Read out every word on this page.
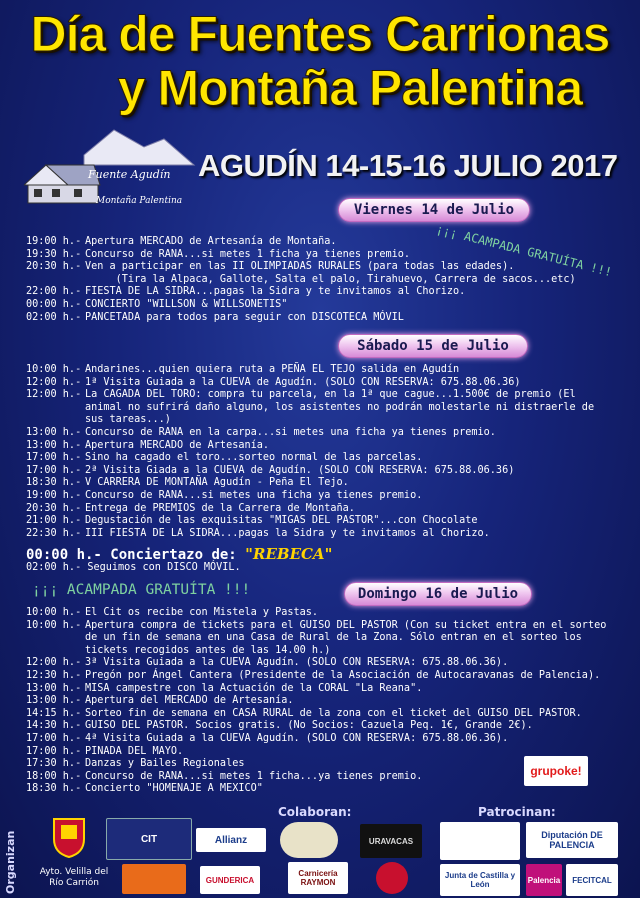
Día de Fuentes Carrionas
y Montaña Palentina
Fuente Agudín
Montaña Palentina
AGUDÍN 14-15-16 JULIO 2017
Viernes 14 de Julio
¡¡¡ ACAMPADA GRATUÍTA !!!
19:00 h.- Apertura MERCADO de Artesanía de Montaña.
19:30 h.- Concurso de RANA...si metes 1 ficha ya tienes premio.
20:30 h.- Ven a participar en las II OLIMPIADAS RURALES (para todas las edades).
(Tira la Alpaca, Gallote, Salta el palo, Tirahuevo, Carrera de sacos...etc)
22:00 h.- FIESTA DE LA SIDRA...pagas la Sidra y te invitamos al Chorizo.
00:00 h.- CONCIERTO "WILLSON & WILLSONETIS"
02:00 h.- PANCETADA para todos para seguir con DISCOTECA MÓVIL
Sábado 15 de Julio
10:00 h.- Andarines...quien quiera ruta a PEÑA EL TEJO salida en Agudín
12:00 h.- 1ª Visita Guiada a la CUEVA de Agudín. (SOLO CON RESERVA: 675.88.06.36)
12:00 h.- La CAGADA DEL TORO: compra tu parcela, en la 1ª que cague...1.500€ de premio (El animal no sufrirá daño alguno, los asistentes no podrán molestarle ni distraerle de sus tareas...)
13:00 h.- Concurso de RANA en la carpa...si metes una ficha ya tienes premio.
13:00 h.- Apertura MERCADO de Artesanía.
17:00 h.- Sino ha cagado el toro...sorteo normal de las parcelas.
17:00 h.- 2ª Visita Giada a la CUEVA de Agudín. (SOLO CON RESERVA: 675.88.06.36)
18:30 h.- V CARRERA DE MONTAÑA Agudín - Peña El Tejo.
19:00 h.- Concurso de RANA...si metes una ficha ya tienes premio.
20:30 h.- Entrega de PREMIOS de la Carrera de Montaña.
21:00 h.- Degustación de las exquisitas "MIGAS DEL PASTOR"...con Chocolate
22:30 h.- III FIESTA DE LA SIDRA...pagas la Sidra y te invitamos al Chorizo.
00:00 h.- Conciertazo de: "REBECA"
02:00 h.- Seguimos con DISCO MÓVIL.
¡¡¡ ACAMPADA GRATUÍTA !!!	Domingo 16 de Julio
10:00 h.- El Cit os recibe con Mistela y Pastas.
10:00 h.- Apertura compra de tickets para el GUISO DEL PASTOR (Con su ticket entra en el sorteo de un fin de semana en una Casa de Rural de la Zona. Sólo entran en el sorteo los tickets recogidos antes de las 14.00 h.)
12:00 h.- 3ª Visita Guiada a la CUEVA Agudín. (SOLO CON RESERVA: 675.88.06.36).
12:30 h.- Pregón por Ángel Cantera (Presidente de la Asociación de Autocaravanas de Palencia).
13:00 h.- MISA campestre con la Actuación de la CORAL "La Reana".
13:00 h.- Apertura del MERCADO de Artesanía.
14:15 h.- Sorteo fin de semana en CASA RURAL de la zona con el ticket del GUISO DEL PASTOR.
14:30 h.- GUISO DEL PASTOR. Socios gratis. (No Socios: Cazuela Peq. 1€, Grande 2€).
17:00 h.- 4ª Visita Guiada a la CUEVA Agudín. (SOLO CON RESERVA: 675.88.06.36).
17:00 h.- PINADA DEL MAYO.
17:30 h.- Danzas y Bailes Regionales
18:00 h.- Concurso de RANA...si metes 1 ficha...ya tienes premio.
18:30 h.- Concierto "HOMENAJE A MEXICO"
grupoke!
Colaboran:	Patrocinan:
Organizan	Ayto. Velilla del Río Carrión
CIT	Allianz	URAVACAS
GUNDERICA
Carnicería RAYMON
Diputación DE PALENCIA
Junta de Castilla y León	Palencia	FECITCAL
